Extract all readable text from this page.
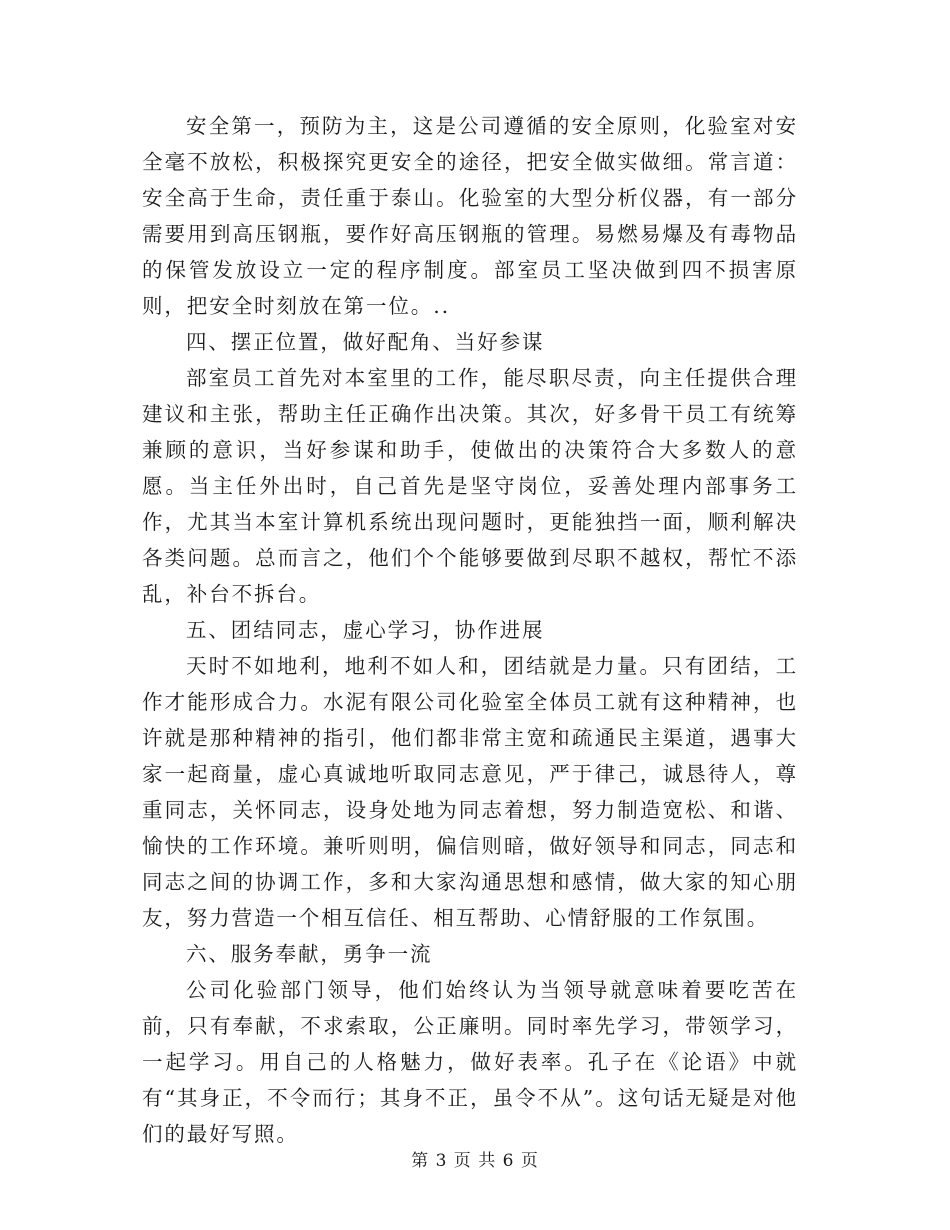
安全第一，预防为主，这是公司遵循的安全原则，化验室对安全毫不放松，积极探究更安全的途径，把安全做实做细。常言道：安全高于生命，责任重于泰山。化验室的大型分析仪器，有一部分需要用到高压钢瓶，要作好高压钢瓶的管理。易燃易爆及有毒物品的保管发放设立一定的程序制度。部室员工坚决做到四不损害原则，把安全时刻放在第一位。..

四、摆正位置，做好配角、当好参谋

部室员工首先对本室里的工作，能尽职尽责，向主任提供合理建议和主张，帮助主任正确作出决策。其次，好多骨干员工有统筹兼顾的意识，当好参谋和助手，使做出的决策符合大多数人的意愿。当主任外出时，自己首先是坚守岗位，妥善处理内部事务工作，尤其当本室计算机系统出现问题时，更能独挡一面，顺利解决各类问题。总而言之，他们个个能够要做到尽职不越权，帮忙不添乱，补台不拆台。

五、团结同志，虚心学习，协作进展

天时不如地利，地利不如人和，团结就是力量。只有团结，工作才能形成合力。水泥有限公司化验室全体员工就有这种精神，也许就是那种精神的指引，他们都非常主宽和疏通民主渠道，遇事大家一起商量，虚心真诚地听取同志意见，严于律己，诚恳待人，尊重同志，关怀同志，设身处地为同志着想，努力制造宽松、和谐、愉快的工作环境。兼听则明，偏信则暗，做好领导和同志，同志和同志之间的协调工作，多和大家沟通思想和感情，做大家的知心朋友，努力营造一个相互信任、相互帮助、心情舒服的工作氛围。

六、服务奉献，勇争一流

公司化验部门领导，他们始终认为当领导就意味着要吃苦在前，只有奉献，不求索取，公正廉明。同时率先学习，带领学习，一起学习。用自己的人格魅力，做好表率。孔子在《论语》中就有“其身正，不令而行；其身不正，虽令不从”。这句话无疑是对他们的最好写照。

第 3 页 共 6 页
